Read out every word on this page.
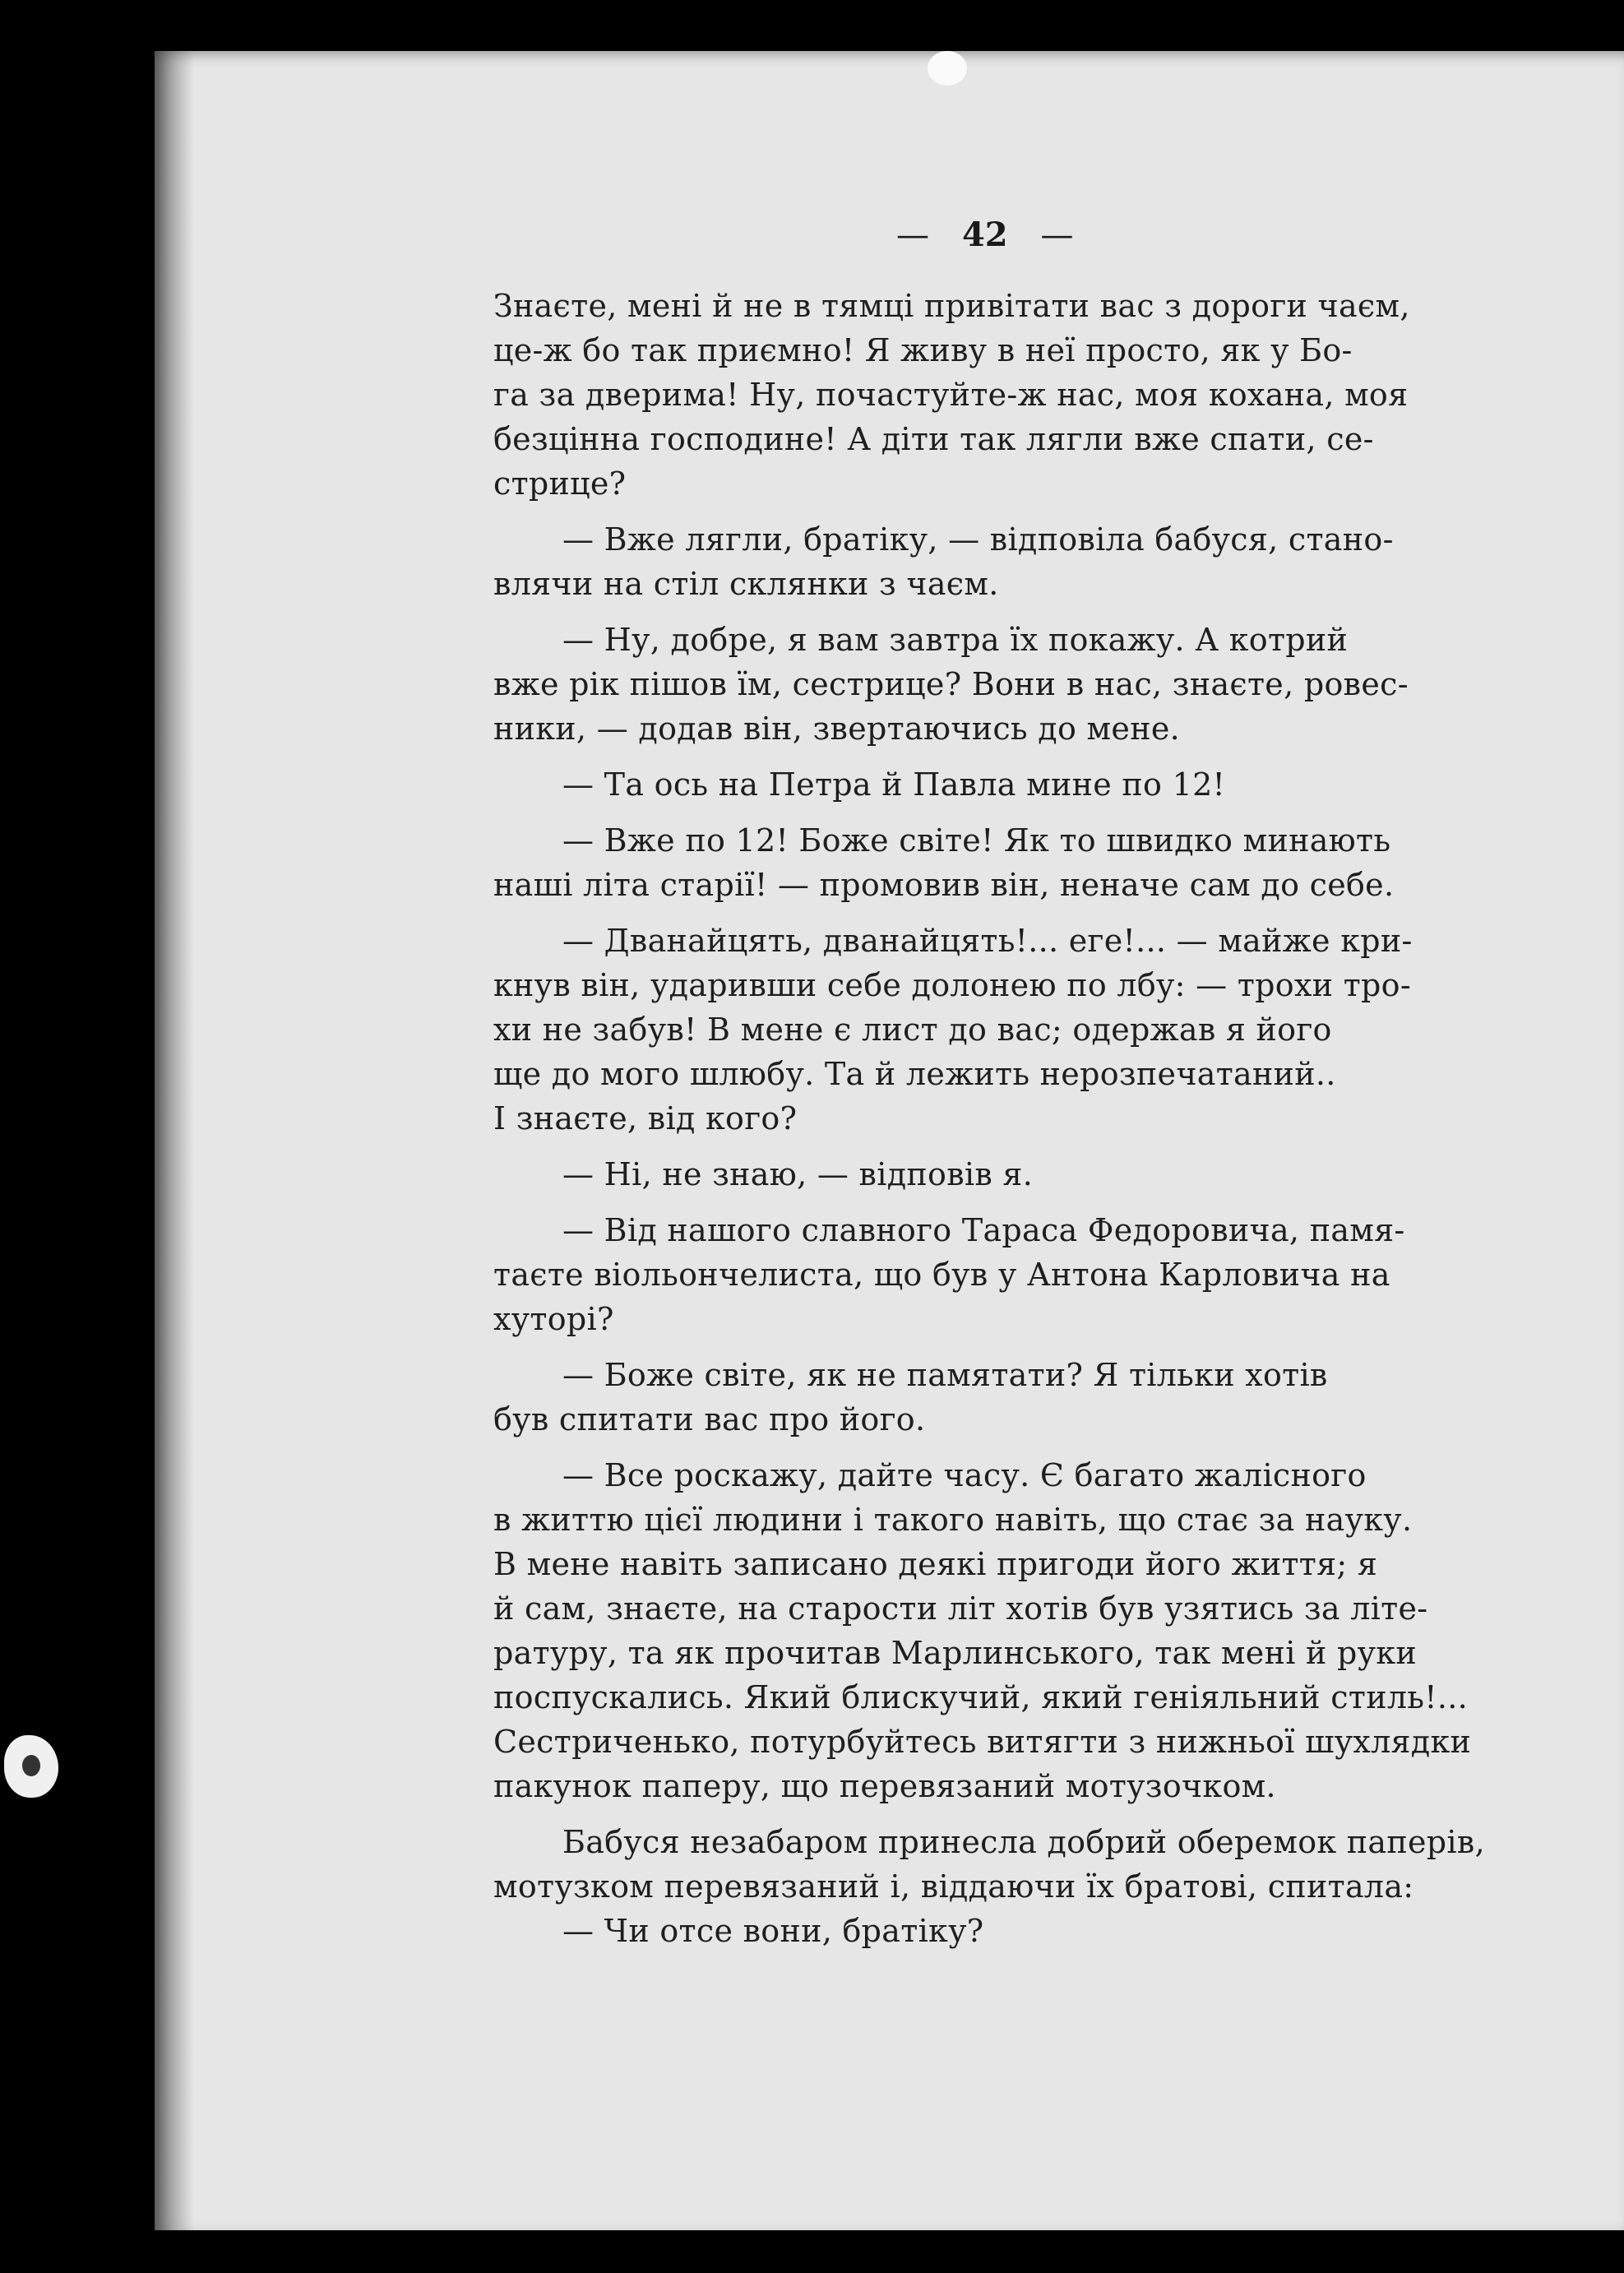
— 42 —
Знаєте, мені й не в тямці привітати вас з дороги чаєм,
це-ж бо так приємно! Я живу в неї просто, як у Бо-
га за дверима! Ну, почастуйте-ж нас, моя кохана, моя
безцінна господине! А діти так лягли вже спати, се-
стрице?
— Вже лягли, братіку, — відповіла бабуся, стано-
влячи на стіл склянки з чаєм.
— Ну, добре, я вам завтра їх покажу. А котрий
вже рік пішов їм, сестрице? Вони в нас, знаєте, ровес-
ники, — додав він, звертаючись до мене.
— Та ось на Петра й Павла мине по 12!
— Вже по 12! Боже світе! Як то швидко минають
наші літа старії! — промовив він, неначе сам до себе.
— Дванайцять, дванайцять!... еге!... — майже кри-
кнув він, ударивши себе долонею по лбу: — трохи тро-
хи не забув! В мене є лист до вас; одержав я його
ще до мого шлюбу. Та й лежить нерозпечатаний..
І знаєте, від кого?
— Ні, не знаю, — відповів я.
— Від нашого славного Тараса Федоровича, памя-
таєте віольончелиста, що був у Антона Карловича на
хуторі?
— Боже світе, як не памятати? Я тільки хотів
був спитати вас про його.
— Все роскажу, дайте часу. Є багато жалісного
в життю цієї людини і такого навіть, що стає за науку.
В мене навіть записано деякі пригоди його життя; я
й сам, знаєте, на старости літ хотів був узятись за літе-
ратуру, та як прочитав Марлинського, так мені й руки
поспускались. Який блискучий, який геніяльний стиль!...
Сестриченько, потурбуйтесь витягти з нижньої шухлядки
пакунок паперу, що перевязаний мотузочком.
Бабуся незабаром принесла добрий оберемок паперів,
мотузком перевязаний і, віддаючи їх братові, спитала:
— Чи отсе вони, братіку?
